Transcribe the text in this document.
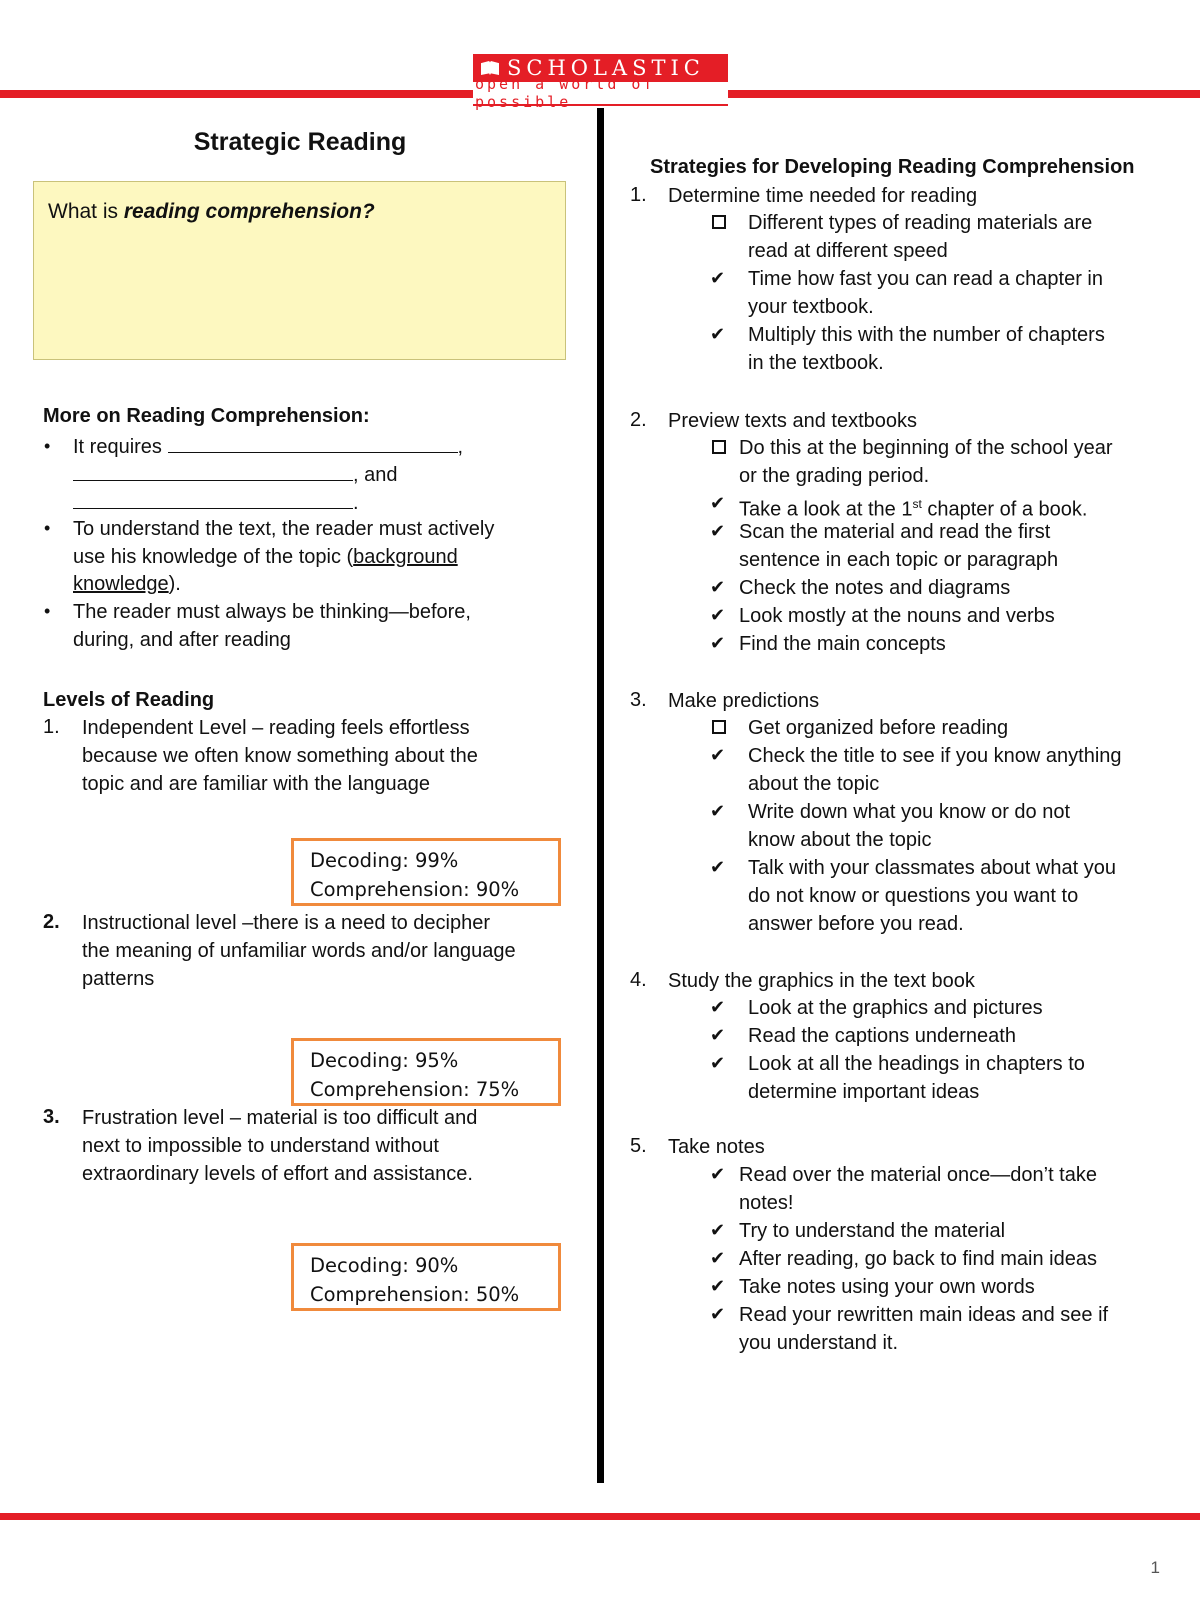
SCHOLASTIC
open a world of possible
Strategic Reading
What is reading comprehension?
More on Reading Comprehension:
• It requires	,
, and
.
• To understand the text, the reader must actively
use his knowledge of the topic (background
knowledge).
• The reader must always be thinking—before,
during, and after reading
Levels of Reading
1. Independent Level – reading feels effortless
because we often know something about the
topic and are familiar with the language
Decoding: 99%
Comprehension: 90%
2. Instructional level –there is a need to decipher
the meaning of unfamiliar words and/or language
patterns
Decoding: 95%
Comprehension: 75%
3. Frustration level – material is too difficult and
next to impossible to understand without
extraordinary levels of effort and assistance.
Decoding: 90%
Comprehension: 50%
Strategies for Developing Reading Comprehension
1. Determine time needed for reading
Different types of reading materials are
read at different speed
✔
Time how fast you can read a chapter in
your textbook.
✔
Multiply this with the number of chapters
in the textbook.
2. Preview texts and textbooks
Do this at the beginning of the school year
or the grading period.
✔
Take a look at the 1st chapter of a book.
✔
Scan the material and read the first
sentence in each topic or paragraph
✔
Check the notes and diagrams
✔
Look mostly at the nouns and verbs
✔
Find the main concepts
3. Make predictions
Get organized before reading
✔
Check the title to see if you know anything
about the topic
✔
Write down what you know or do not
know about the topic
✔
Talk with your classmates about what you
do not know or questions you want to
answer before you read.
4. Study the graphics in the text book
✔
Look at the graphics and pictures
✔
Read the captions underneath
✔
Look at all the headings in chapters to
determine important ideas
5. Take notes
✔
Read over the material once—don’t take
notes!
✔
Try to understand the material
✔
After reading, go back to find main ideas
✔
Take notes using your own words
✔
Read your rewritten main ideas and see if
you understand it.
1
